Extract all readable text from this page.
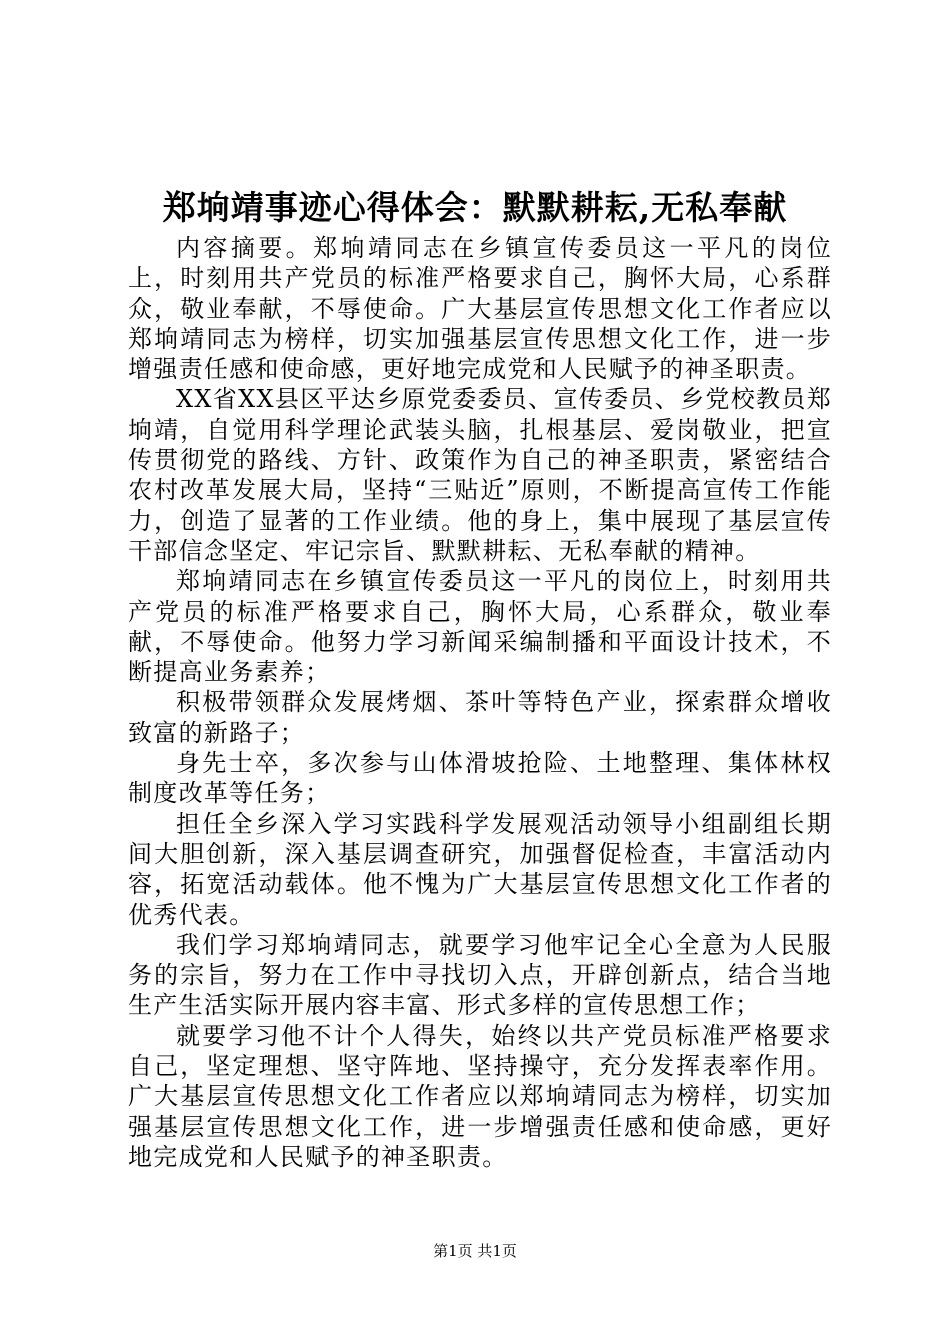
郑垧靖事迹心得体会：默默耕耘,无私奉献

内容摘要。郑垧靖同志在乡镇宣传委员这一平凡的岗位上，时刻用共产党员的标准严格要求自己，胸怀大局，心系群众，敬业奉献，不辱使命。广大基层宣传思想文化工作者应以郑垧靖同志为榜样，切实加强基层宣传思想文化工作，进一步增强责任感和使命感，更好地完成党和人民赋予的神圣职责。

XX省XX县区平达乡原党委委员、宣传委员、乡党校教员郑垧靖，自觉用科学理论武装头脑，扎根基层、爱岗敬业，把宣传贯彻党的路线、方针、政策作为自己的神圣职责，紧密结合农村改革发展大局，坚持“三贴近”原则，不断提高宣传工作能力，创造了显著的工作业绩。他的身上，集中展现了基层宣传干部信念坚定、牢记宗旨、默默耕耘、无私奉献的精神。

郑垧靖同志在乡镇宣传委员这一平凡的岗位上，时刻用共产党员的标准严格要求自己，胸怀大局，心系群众，敬业奉献，不辱使命。他努力学习新闻采编制播和平面设计技术，不断提高业务素养；

积极带领群众发展烤烟、茶叶等特色产业，探索群众增收致富的新路子；

身先士卒，多次参与山体滑坡抢险、土地整理、集体林权制度改革等任务；

担任全乡深入学习实践科学发展观活动领导小组副组长期间大胆创新，深入基层调查研究，加强督促检查，丰富活动内容，拓宽活动载体。他不愧为广大基层宣传思想文化工作者的优秀代表。

我们学习郑垧靖同志，就要学习他牢记全心全意为人民服务的宗旨，努力在工作中寻找切入点，开辟创新点，结合当地生产生活实际开展内容丰富、形式多样的宣传思想工作；

就要学习他不计个人得失，始终以共产党员标准严格要求自己，坚定理想、坚守阵地、坚持操守，充分发挥表率作用。广大基层宣传思想文化工作者应以郑垧靖同志为榜样，切实加强基层宣传思想文化工作，进一步增强责任感和使命感，更好地完成党和人民赋予的神圣职责。

第1页 共1页
